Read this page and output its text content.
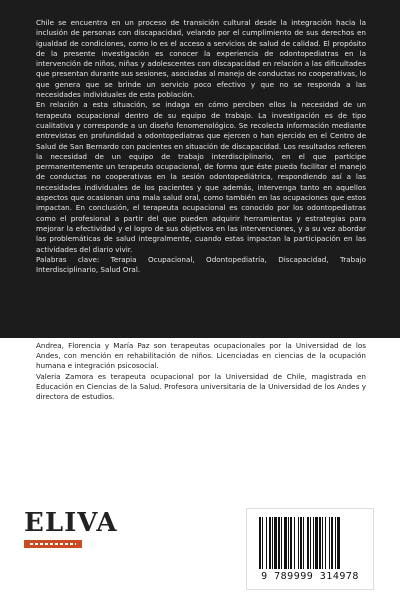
Chile se encuentra en un proceso de transición cultural desde la integración hacia la inclusión de personas con discapacidad, velando por el cumplimiento de sus derechos en igualdad de condiciones, como lo es el acceso a servicios de salud de calidad. El propósito de la presente investigación es conocer la experiencia de odontopediatras en la intervención de niños, niñas y adolescentes con discapacidad en relación a las dificultades que presentan durante sus sesiones, asociadas al manejo de conductas no cooperativas, lo que genera que se brinde un servicio poco efectivo y que no se responda a las necesidades individuales de esta población.

En relación a esta situación, se indaga en cómo perciben ellos la necesidad de un terapeuta ocupacional dentro de su equipo de trabajo. La investigación es de tipo cualitativa y corresponde a un diseño fenomenológico. Se recolecta información mediante entrevistas en profundidad a odontopediatras que ejercen o han ejercido en el Centro de Salud de San Bernardo con pacientes en situación de discapacidad. Los resultados refieren la necesidad de un equipo de trabajo interdisciplinario, en el que participe permanentemente un terapeuta ocupacional, de forma que éste pueda facilitar el manejo de conductas no cooperativas en la sesión odontopediátrica, respondiendo así a las necesidades individuales de los pacientes y que además, intervenga tanto en aquellos aspectos que ocasionan una mala salud oral, como también en las ocupaciones que estos impactan. En conclusión, el terapeuta ocupacional es conocido por los odontopediatras como el profesional a partir del que pueden adquirir herramientas y estrategias para mejorar la efectividad y el logro de sus objetivos en las intervenciones, y a su vez abordar las problemáticas de salud integralmente, cuando estas impactan la participación en las actividades del diario vivir.

Palabras clave: Terapia Ocupacional, Odontopediatría, Discapacidad, Trabajo Interdisciplinario, Salud Oral.

Andrea, Florencia y María Paz son terapeutas ocupacionales por la Universidad de los Andes, con mención en rehabilitación de niños. Licenciadas en ciencias de la ocupación humana e integración psicosocial.

Valeria Zamora es terapeuta ocupacional por la Universidad de Chile, magistrada en Educación en Ciencias de la Salud. Profesora universitaria de la Universidad de los Andes y directora de estudios.

ELIVA
9 789999 314978
